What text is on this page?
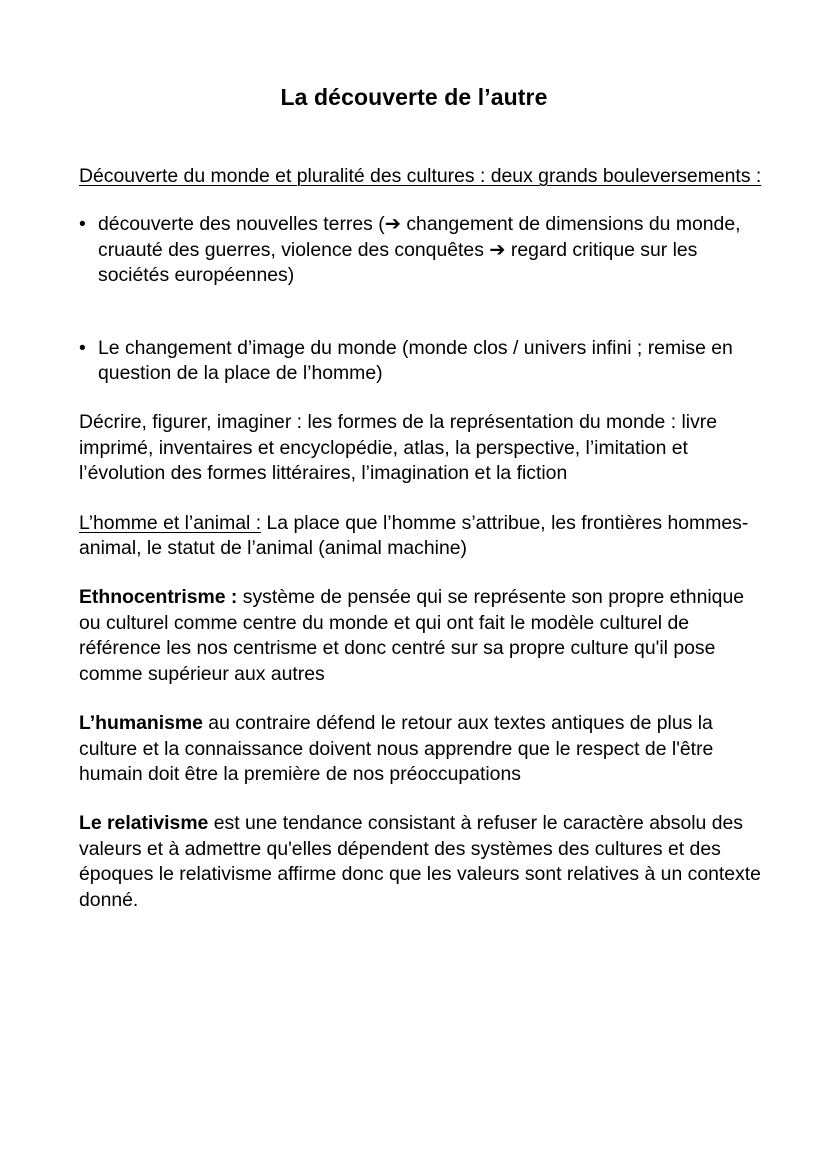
La découverte de l’autre

Découverte du monde et pluralité des cultures : deux grands bouleversements :

• découverte des nouvelles terres (➔ changement de dimensions du monde, cruauté des guerres, violence des conquêtes ➔ regard critique sur les sociétés européennes)
• Le changement d’image du monde (monde clos / univers infini ; remise en question de la place de l’homme)

Décrire, figurer, imaginer : les formes de la représentation du monde : livre imprimé, inventaires et encyclopédie, atlas, la perspective, l’imitation et l’évolution des formes littéraires, l’imagination et la fiction

L’homme et l’animal : La place que l’homme s’attribue, les frontières hommes-animal, le statut de l’animal (animal machine)

Ethnocentrisme : système de pensée qui se représente son propre ethnique ou culturel comme centre du monde et qui ont fait le modèle culturel de référence les nos centrisme et donc centré sur sa propre culture qu'il pose comme supérieur aux autres

L’humanisme au contraire défend le retour aux textes antiques de plus la culture et la connaissance doivent nous apprendre que le respect de l'être humain doit être la première de nos préoccupations

Le relativisme est une tendance consistant à refuser le caractère absolu des valeurs et à admettre qu'elles dépendent des systèmes des cultures et des époques le relativisme affirme donc que les valeurs sont relatives à un contexte donné.
